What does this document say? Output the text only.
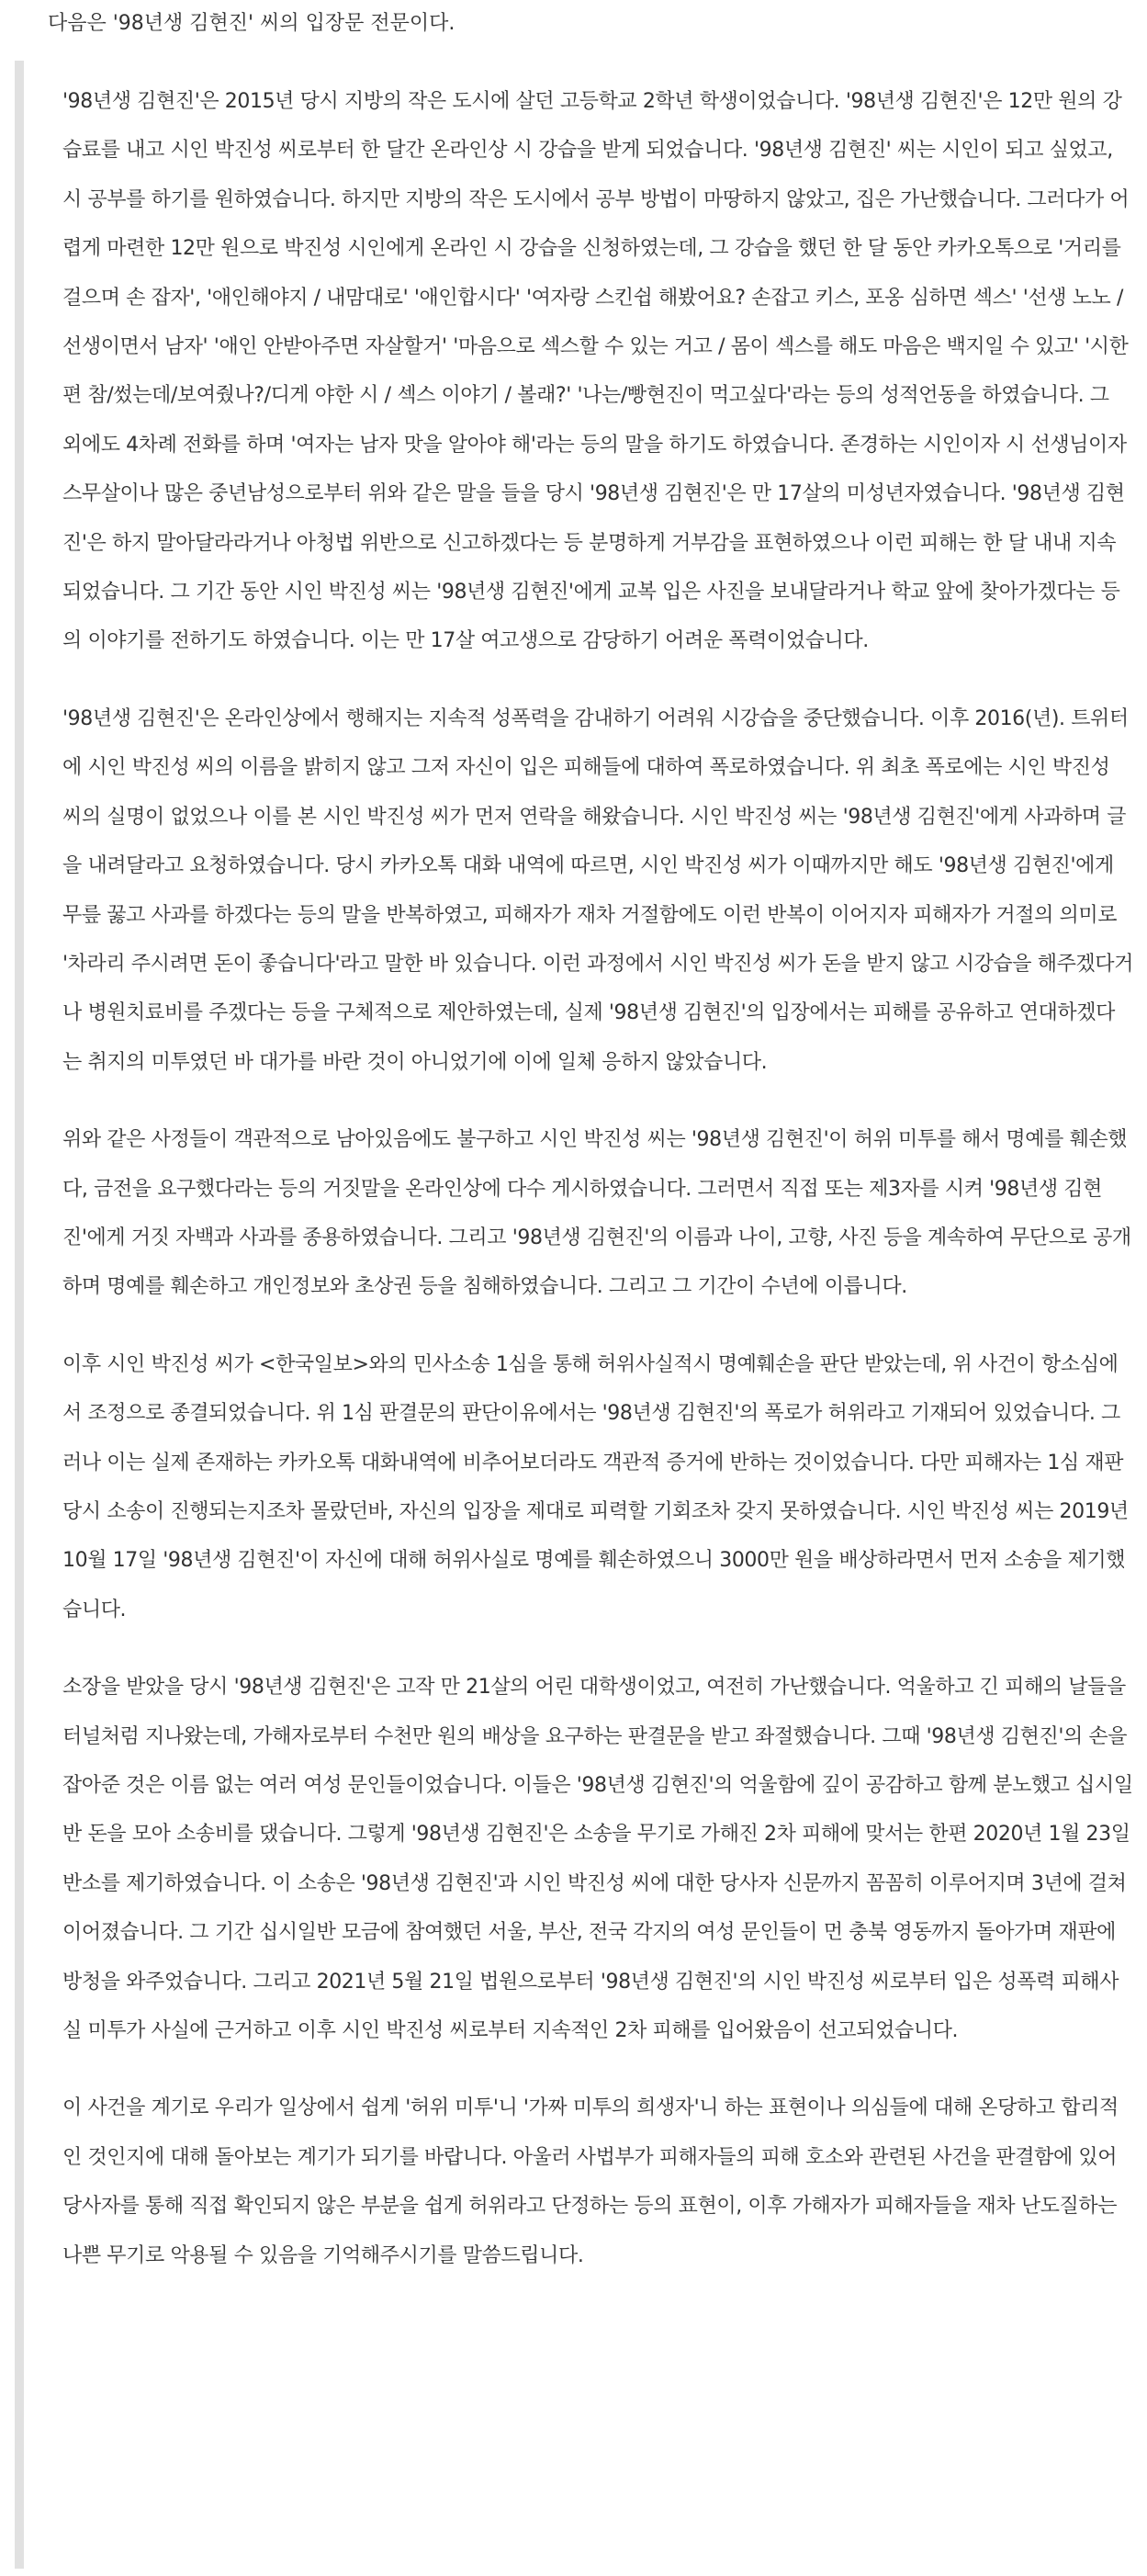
다음은 '98년생 김현진' 씨의 입장문 전문이다.

'98년생 김현진'은 2015년 당시 지방의 작은 도시에 살던 고등학교 2학년 학생이었습니다. '98년생 김현진'은 12만 원의 강습료를 내고 시인 박진성 씨로부터 한 달간 온라인상 시 강습을 받게 되었습니다. '98년생 김현진' 씨는 시인이 되고 싶었고, 시 공부를 하기를 원하였습니다. 하지만 지방의 작은 도시에서 공부 방법이 마땅하지 않았고, 집은 가난했습니다. 그러다가 어렵게 마련한 12만 원으로 박진성 시인에게 온라인 시 강습을 신청하였는데, 그 강습을 했던 한 달 동안 카카오톡으로 '거리를 걸으며 손 잡자', '애인해야지 / 내맘대로' '애인합시다' '여자랑 스킨쉽 해봤어요? 손잡고 키스, 포옹 심하면 섹스' '선생 노노 / 선생이면서 남자' '애인 안받아주면 자살할거' '마음으로 섹스할 수 있는 거고 / 몸이 섹스를 해도 마음은 백지일 수 있고' '시한편 참/썼는데/보여줬나?/디게 야한 시 / 섹스 이야기 / 볼래?' '나는/빵현진이 먹고싶다'라는 등의 성적언동을 하였습니다. 그 외에도 4차례 전화를 하며 '여자는 남자 맛을 알아야 해'라는 등의 말을 하기도 하였습니다. 존경하는 시인이자 시 선생님이자 스무살이나 많은 중년남성으로부터 위와 같은 말을 들을 당시 '98년생 김현진'은 만 17살의 미성년자였습니다. '98년생 김현진'은 하지 말아달라라거나 아청법 위반으로 신고하겠다는 등 분명하게 거부감을 표현하였으나 이런 피해는 한 달 내내 지속되었습니다. 그 기간 동안 시인 박진성 씨는 '98년생 김현진'에게 교복 입은 사진을 보내달라거나 학교 앞에 찾아가겠다는 등의 이야기를 전하기도 하였습니다. 이는 만 17살 여고생으로 감당하기 어려운 폭력이었습니다.

'98년생 김현진'은 온라인상에서 행해지는 지속적 성폭력을 감내하기 어려워 시강습을 중단했습니다. 이후 2016(년). 트위터에 시인 박진성 씨의 이름을 밝히지 않고 그저 자신이 입은 피해들에 대하여 폭로하였습니다. 위 최초 폭로에는 시인 박진성 씨의 실명이 없었으나 이를 본 시인 박진성 씨가 먼저 연락을 해왔습니다. 시인 박진성 씨는 '98년생 김현진'에게 사과하며 글을 내려달라고 요청하였습니다. 당시 카카오톡 대화 내역에 따르면, 시인 박진성 씨가 이때까지만 해도 '98년생 김현진'에게 무릎 꿇고 사과를 하겠다는 등의 말을 반복하였고, 피해자가 재차 거절함에도 이런 반복이 이어지자 피해자가 거절의 의미로 '차라리 주시려면 돈이 좋습니다'라고 말한 바 있습니다. 이런 과정에서 시인 박진성 씨가 돈을 받지 않고 시강습을 해주겠다거나 병원치료비를 주겠다는 등을 구체적으로 제안하였는데, 실제 '98년생 김현진'의 입장에서는 피해를 공유하고 연대하겠다는 취지의 미투였던 바 대가를 바란 것이 아니었기에 이에 일체 응하지 않았습니다.

위와 같은 사정들이 객관적으로 남아있음에도 불구하고 시인 박진성 씨는 '98년생 김현진'이 허위 미투를 해서 명예를 훼손했다, 금전을 요구했다라는 등의 거짓말을 온라인상에 다수 게시하였습니다. 그러면서 직접 또는 제3자를 시켜 '98년생 김현진'에게 거짓 자백과 사과를 종용하였습니다. 그리고 '98년생 김현진'의 이름과 나이, 고향, 사진 등을 계속하여 무단으로 공개하며 명예를 훼손하고 개인정보와 초상권 등을 침해하였습니다. 그리고 그 기간이 수년에 이릅니다.

이후 시인 박진성 씨가 <한국일보>와의 민사소송 1심을 통해 허위사실적시 명예훼손을 판단 받았는데, 위 사건이 항소심에서 조정으로 종결되었습니다. 위 1심 판결문의 판단이유에서는 '98년생 김현진'의 폭로가 허위라고 기재되어 있었습니다. 그러나 이는 실제 존재하는 카카오톡 대화내역에 비추어보더라도 객관적 증거에 반하는 것이었습니다. 다만 피해자는 1심 재판 당시 소송이 진행되는지조차 몰랐던바, 자신의 입장을 제대로 피력할 기회조차 갖지 못하였습니다. 시인 박진성 씨는 2019년 10월 17일 '98년생 김현진'이 자신에 대해 허위사실로 명예를 훼손하였으니 3000만 원을 배상하라면서 먼저 소송을 제기했습니다.

소장을 받았을 당시 '98년생 김현진'은 고작 만 21살의 어린 대학생이었고, 여전히 가난했습니다. 억울하고 긴 피해의 날들을 터널처럼 지나왔는데, 가해자로부터 수천만 원의 배상을 요구하는 판결문을 받고 좌절했습니다. 그때 '98년생 김현진'의 손을 잡아준 것은 이름 없는 여러 여성 문인들이었습니다. 이들은 '98년생 김현진'의 억울함에 깊이 공감하고 함께 분노했고 십시일반 돈을 모아 소송비를 댔습니다. 그렇게 '98년생 김현진'은 소송을 무기로 가해진 2차 피해에 맞서는 한편 2020년 1월 23일 반소를 제기하였습니다. 이 소송은 '98년생 김현진'과 시인 박진성 씨에 대한 당사자 신문까지 꼼꼼히 이루어지며 3년에 걸쳐 이어졌습니다. 그 기간 십시일반 모금에 참여했던 서울, 부산, 전국 각지의 여성 문인들이 먼 충북 영동까지 돌아가며 재판에 방청을 와주었습니다. 그리고 2021년 5월 21일 법원으로부터 '98년생 김현진'의 시인 박진성 씨로부터 입은 성폭력 피해사실 미투가 사실에 근거하고 이후 시인 박진성 씨로부터 지속적인 2차 피해를 입어왔음이 선고되었습니다.

이 사건을 계기로 우리가 일상에서 쉽게 '허위 미투'니 '가짜 미투의 희생자'니 하는 표현이나 의심들에 대해 온당하고 합리적인 것인지에 대해 돌아보는 계기가 되기를 바랍니다. 아울러 사법부가 피해자들의 피해 호소와 관련된 사건을 판결함에 있어 당사자를 통해 직접 확인되지 않은 부분을 쉽게 허위라고 단정하는 등의 표현이, 이후 가해자가 피해자들을 재차 난도질하는 나쁜 무기로 악용될 수 있음을 기억해주시기를 말씀드립니다.
